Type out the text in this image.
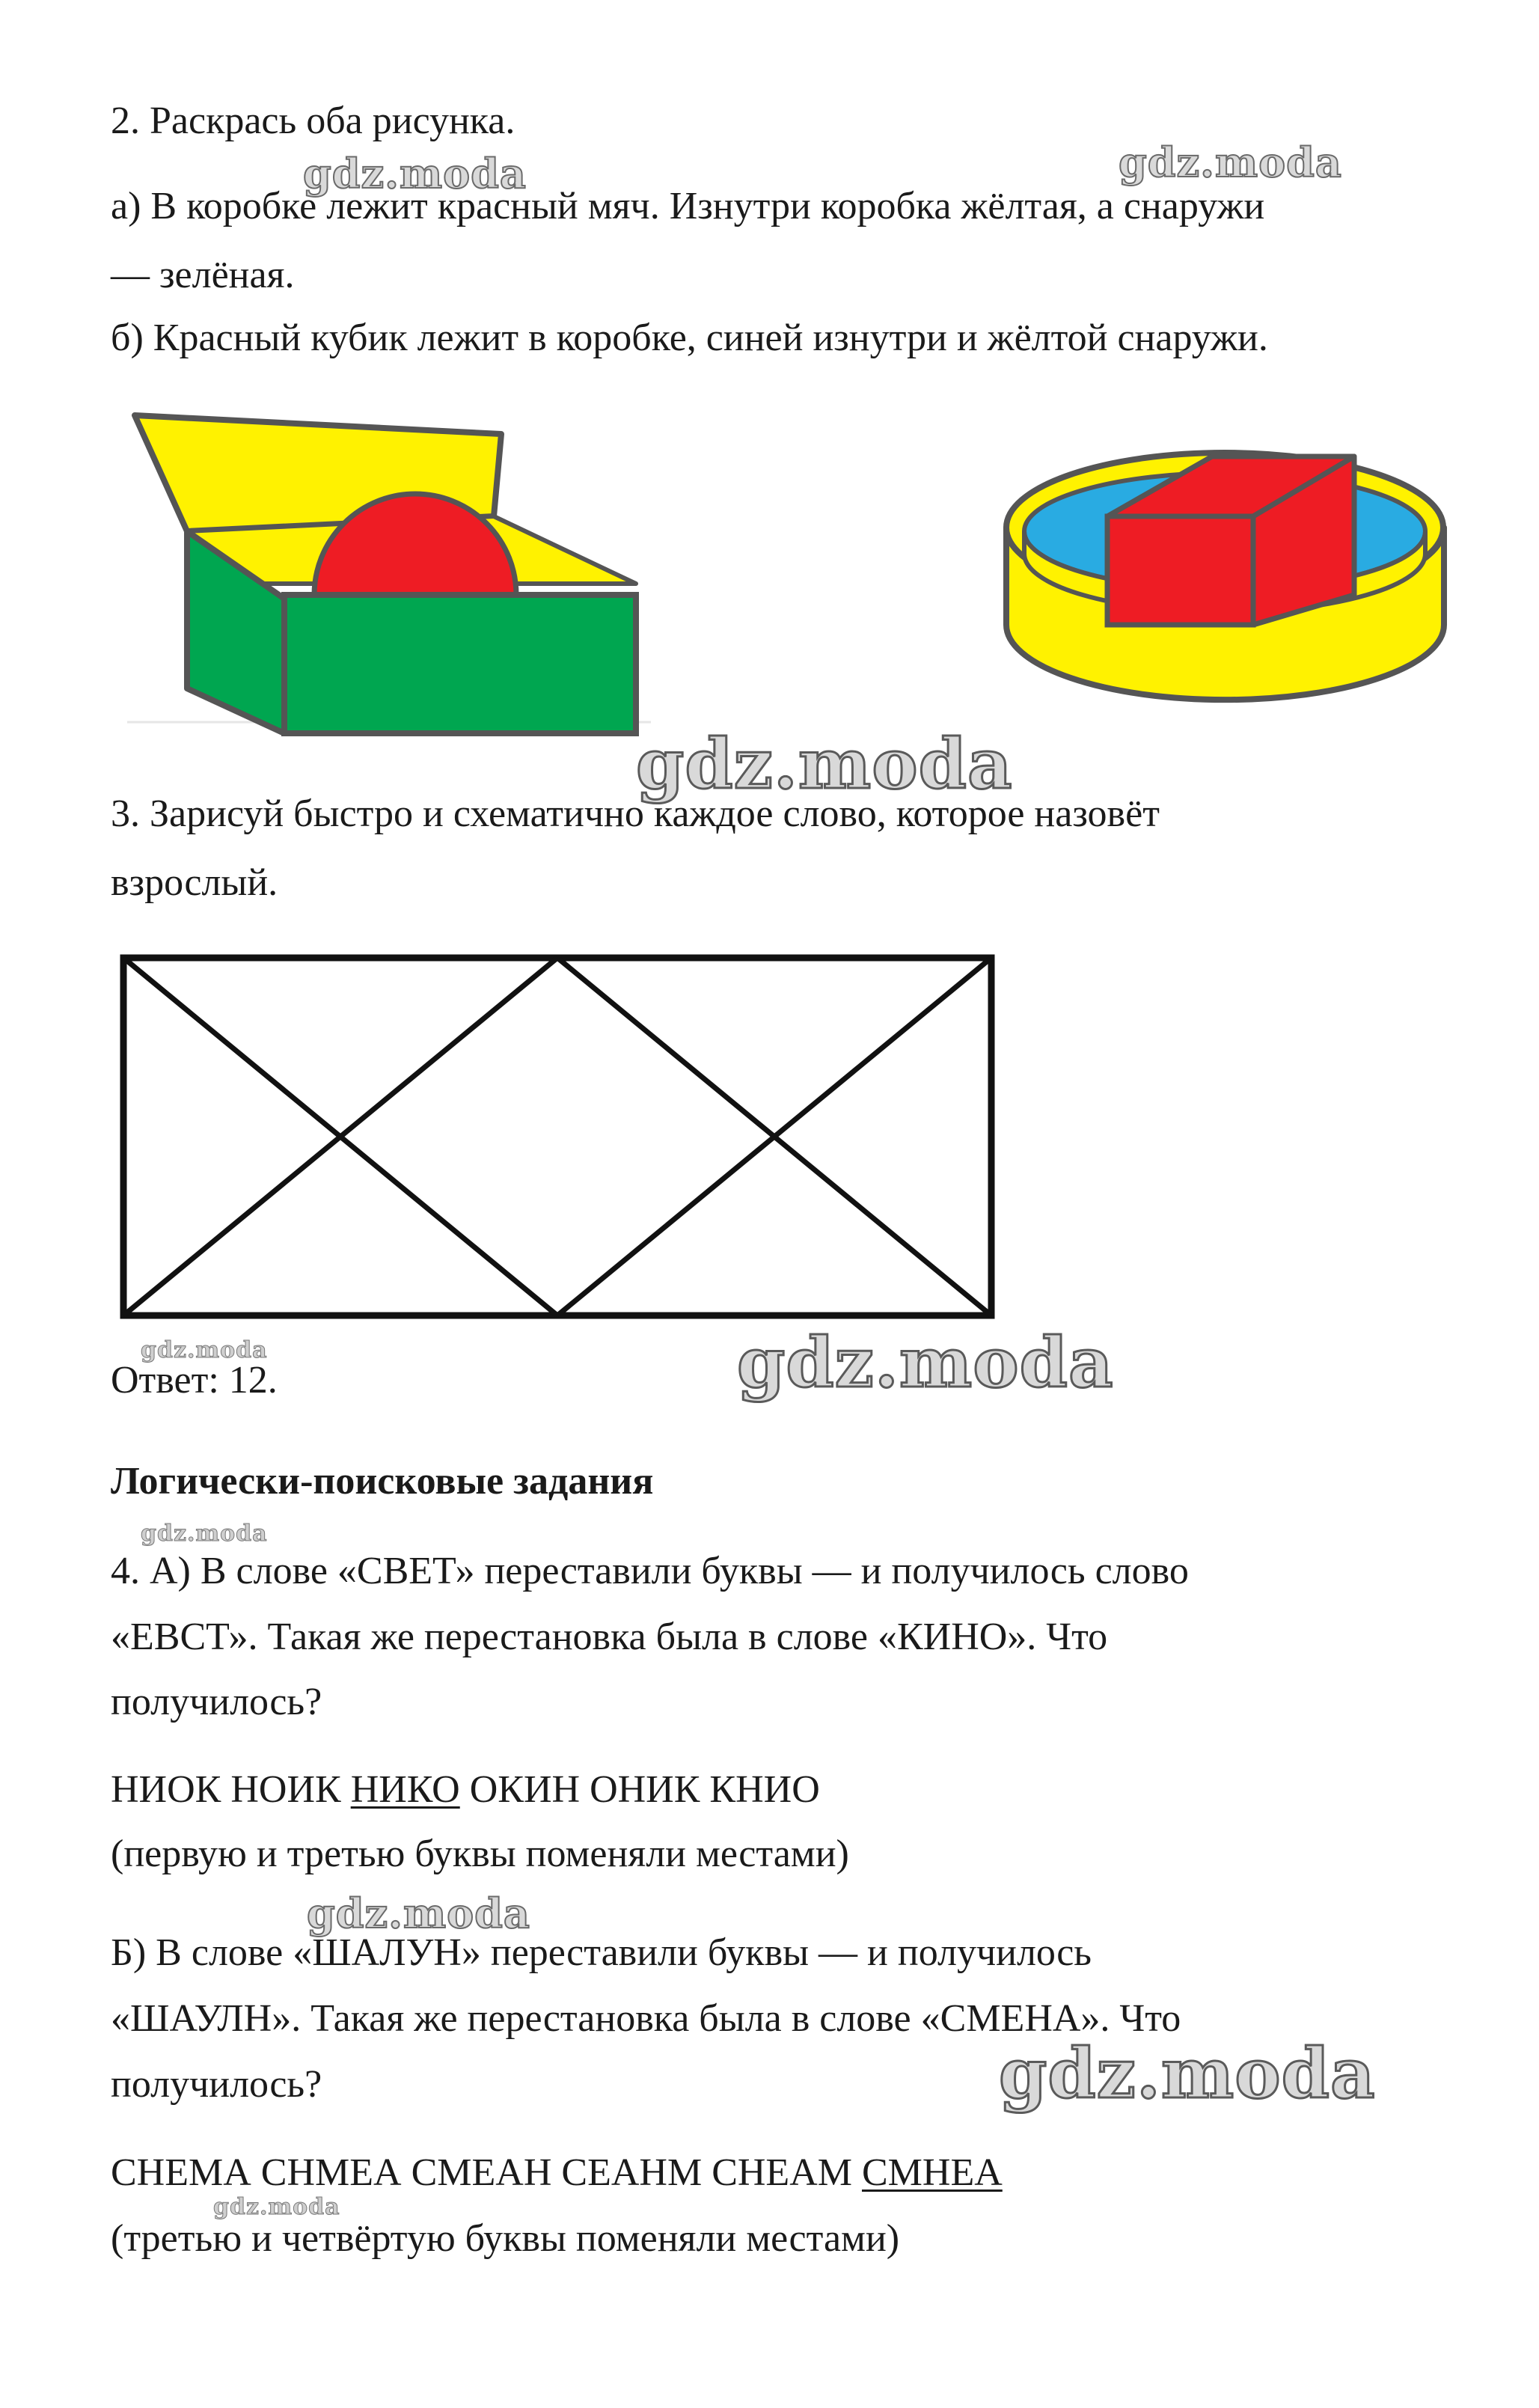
2. Раскрась оба рисунка.
а) В коробке лежит красный мяч. Изнутри коробка жёлтая, а снаружи
— зелёная.
б) Красный кубик лежит в коробке, синей изнутри и жёлтой снаружи.
3. Зарисуй быстро и схематично каждое слово, которое назовёт
взрослый.
Ответ: 12.
Логически-поисковые задания
4. А) В слове «СВЕТ» переставили буквы — и получилось слово
«ЕВСТ». Такая же перестановка была в слове «КИНО». Что
получилось?
НИОК НОИК НИКО ОКИН ОНИК КНИО
(первую и третью буквы поменяли местами)
Б) В слове «ШАЛУН» переставили буквы — и получилось
«ШАУЛН». Такая же перестановка была в слове «СМЕНА». Что
получилось?
СНЕМА СНМЕА СМЕАН СЕАНМ СНЕАМ СМНЕА
(третью и четвёртую буквы поменяли местами)
gdz.moda	gdz.moda
gdz.moda
gdz.moda	gdz.moda
gdz.moda
gdz.moda
gdz.moda
gdz.moda
